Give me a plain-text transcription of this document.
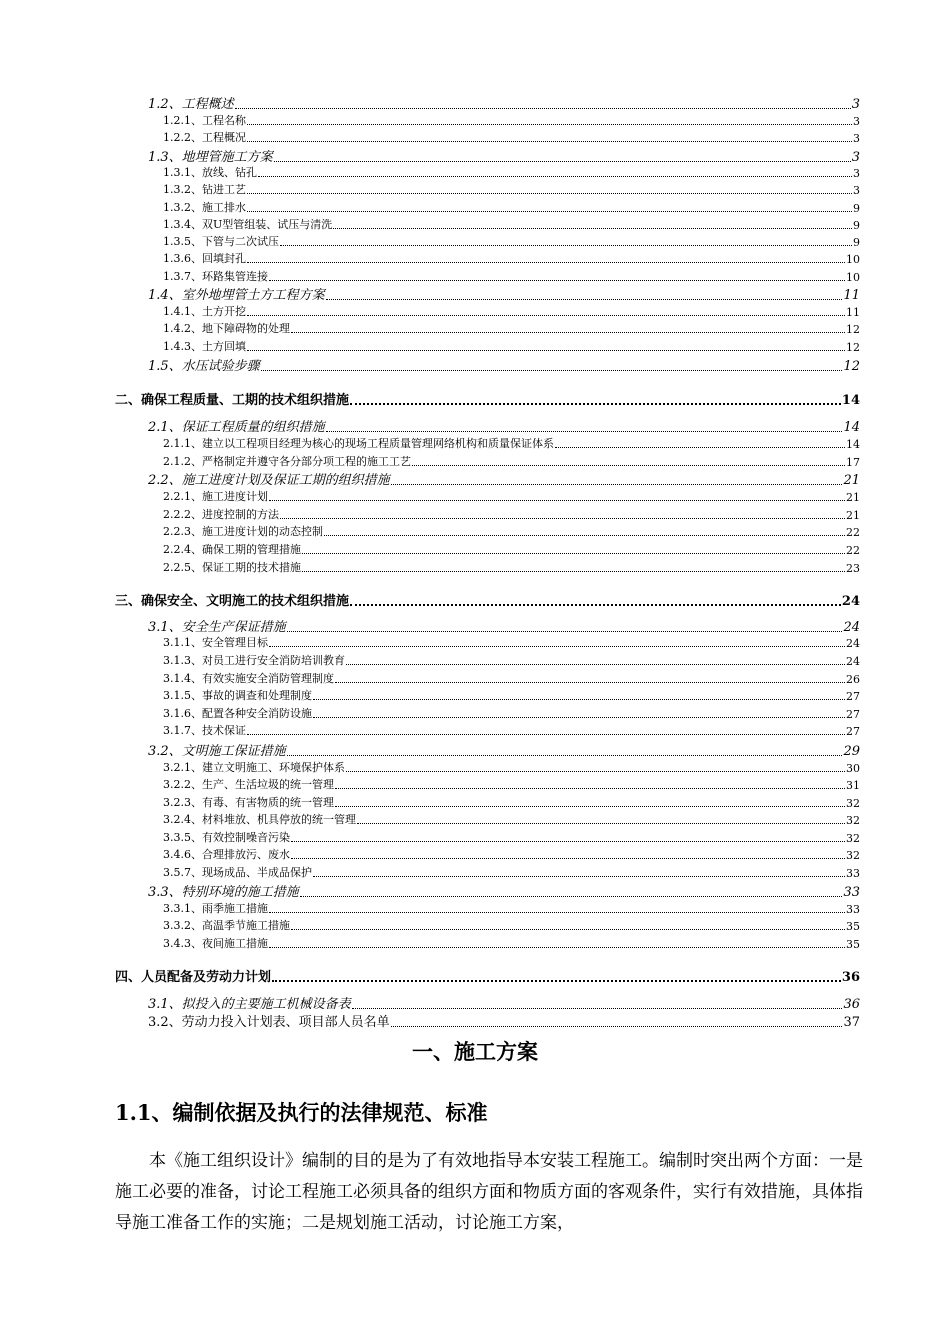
1.2、工程概述	3
1.2.1、工程名称	3
1.2.2、工程概况	3
1.3、地埋管施工方案	3
1.3.1、放线、钻孔	3
1.3.2、钻进工艺	3
1.3.2、施工排水	9
1.3.4、双U型管组装、试压与清洗	9
1.3.5、下管与二次试压	9
1.3.6、回填封孔	10
1.3.7、环路集管连接	10
1.4、室外地埋管土方工程方案	11
1.4.1、土方开挖	11
1.4.2、地下障碍物的处理	12
1.4.3、土方回填	12
1.5、水压试验步骤	12
二、确保工程质量、工期的技术组织措施	14
2.1、保证工程质量的组织措施	14
2.1.1、建立以工程项目经理为核心的现场工程质量管理网络机构和质量保证体系	14
2.1.2、严格制定并遵守各分部分项工程的施工工艺	17
2.2、施工进度计划及保证工期的组织措施	21
2.2.1、施工进度计划	21
2.2.2、进度控制的方法	21
2.2.3、施工进度计划的动态控制	22
2.2.4、确保工期的管理措施	22
2.2.5、保证工期的技术措施	23
三、确保安全、文明施工的技术组织措施	24
3.1、安全生产保证措施	24
3.1.1、安全管理目标	24
3.1.3、对员工进行安全消防培训教育	24
3.1.4、有效实施安全消防管理制度	26
3.1.5、事故的调查和处理制度	27
3.1.6、配置各种安全消防设施	27
3.1.7、技术保证	27
3.2、文明施工保证措施	29
3.2.1、建立文明施工、环境保护体系	30
3.2.2、生产、生活垃圾的统一管理	31
3.2.3、有毒、有害物质的统一管理	32
3.2.4、材料堆放、机具停放的统一管理	32
3.3.5、有效控制噪音污染	32
3.4.6、合理排放污、废水	32
3.5.7、现场成品、半成品保护	33
3.3、特别环境的施工措施	33
3.3.1、雨季施工措施	33
3.3.2、高温季节施工措施	35
3.4.3、夜间施工措施	35
四、人员配备及劳动力计划	36
3.1、拟投入的主要施工机械设备表	36
3.2、劳动力投入计划表、项目部人员名单	37
一、施工方案
1.1、编制依据及执行的法律规范、标准
本《施工组织设计》编制的目的是为了有效地指导本安装工程施工。编制时突出两个方面：一是施工必要的准备，讨论工程施工必须具备的组织方面和物质方面的客观条件，实行有效措施，具体指导施工准备工作的实施；二是规划施工活动，讨论施工方案，
